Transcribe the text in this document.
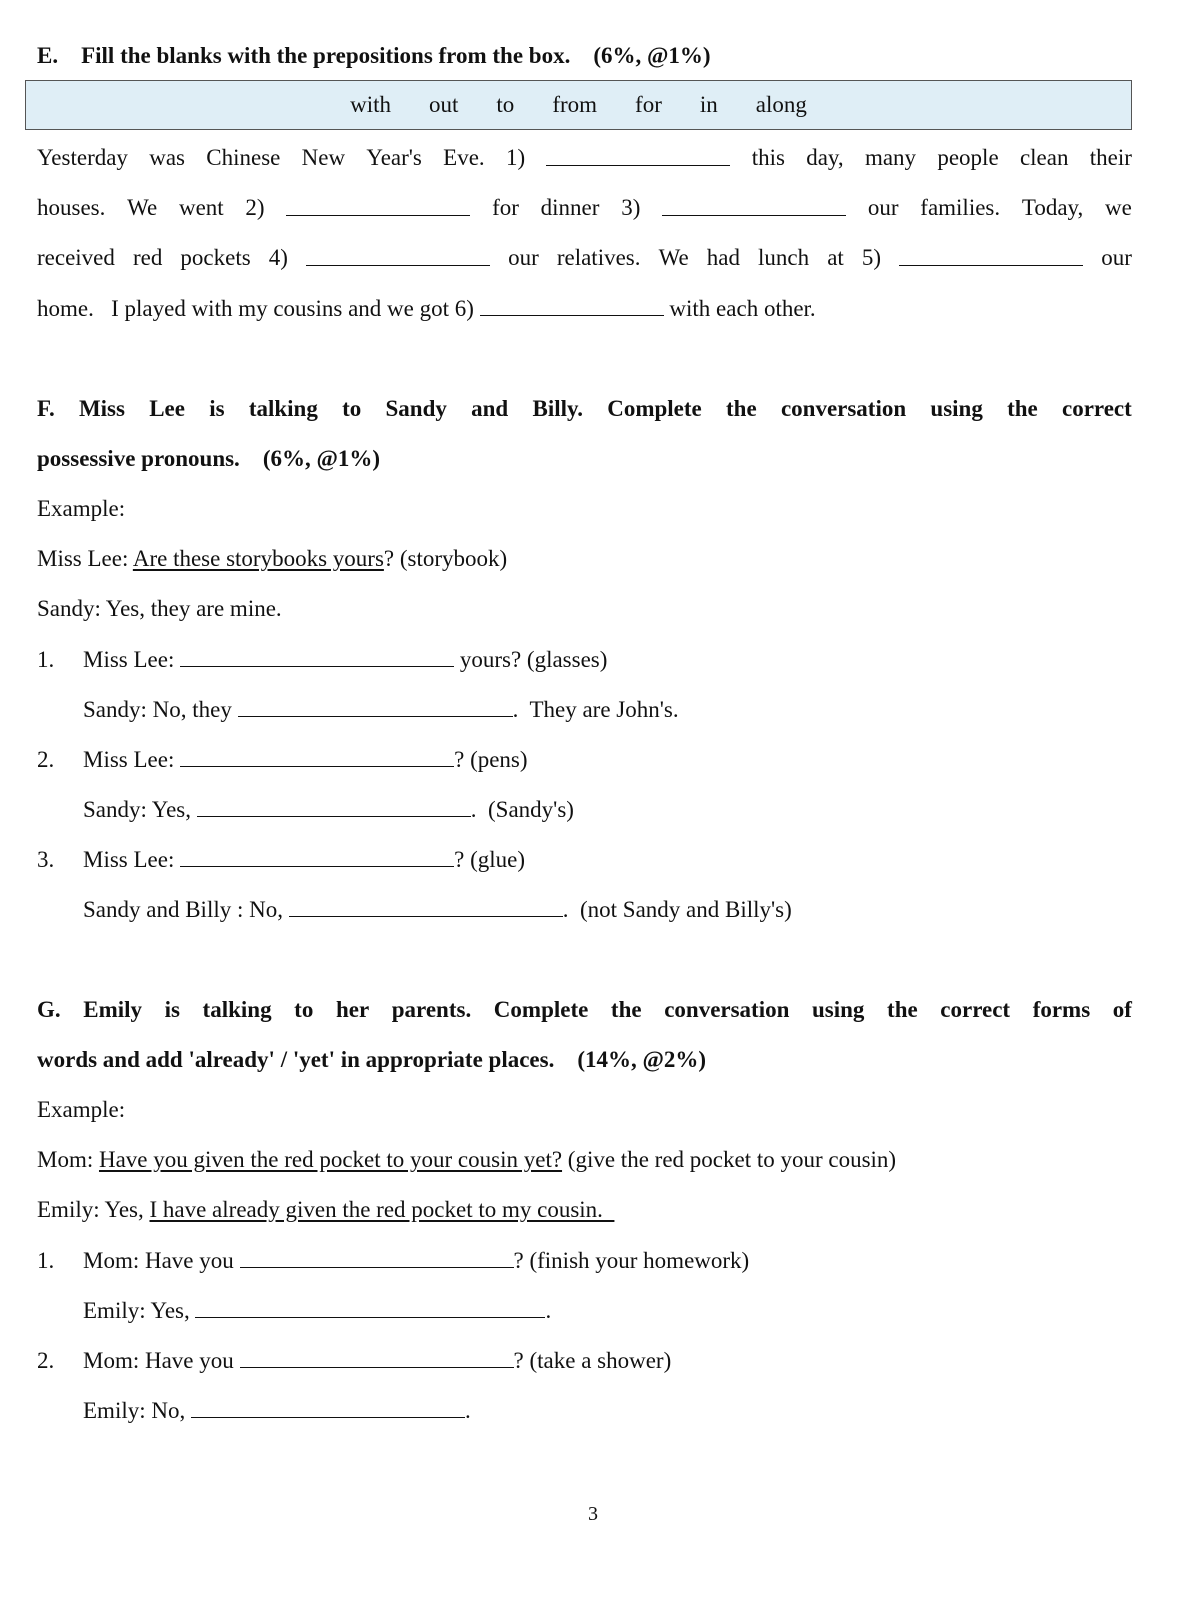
E. Fill the blanks with the prepositions from the box. (6%, @1%)
with out to from for in along
Yesterday was Chinese New Year's Eve. 1)	this day, many people clean their
houses. We went 2)	for dinner 3)	our families. Today, we
received red pockets 4)	our relatives. We had lunch at 5)	our
home.   I played with my cousins and we got 6)	with each other.
F. Miss Lee is talking to Sandy and Billy. Complete the conversation using the correct
possessive pronouns. (6%, @1%)
Example:
Miss Lee: Are these storybooks yours? (storybook)
Sandy: Yes, they are mine.
1. Miss Lee:	yours? (glasses)
Sandy: No, they	.  They are John's.
2. Miss Lee:	? (pens)
Sandy: Yes,	.  (Sandy's)
3. Miss Lee:	? (glue)
Sandy and Billy : No,	.  (not Sandy and Billy's)
G. Emily is talking to her parents. Complete the conversation using the correct forms of
words and add 'already' / 'yet' in appropriate places. (14%, @2%)
Example:
Mom: Have you given the red pocket to your cousin yet? (give the red pocket to your cousin)
Emily: Yes, I have already given the red pocket to my cousin.
1. Mom: Have you	? (finish your homework)
Emily: Yes,	.
2. Mom: Have you	? (take a shower)
Emily: No,	.
3
